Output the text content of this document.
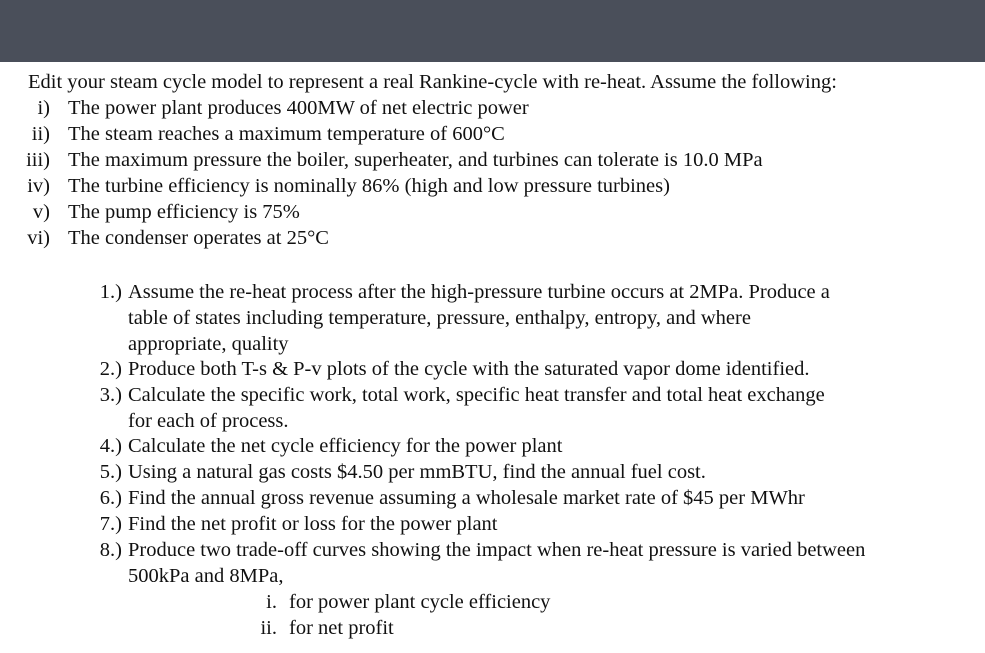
Edit your steam cycle model to represent a real Rankine-cycle with re-heat. Assume the following:
i) The power plant produces 400MW of net electric power
ii) The steam reaches a maximum temperature of 600°C
iii) The maximum pressure the boiler, superheater, and turbines can tolerate is 10.0 MPa
iv) The turbine efficiency is nominally 86% (high and low pressure turbines)
v) The pump efficiency is 75%
vi) The condenser operates at 25°C
1.) Assume the re-heat process after the high-pressure turbine occurs at 2MPa. Produce a
table of states including temperature, pressure, enthalpy, entropy, and where
appropriate, quality
2.) Produce both T-s & P-v plots of the cycle with the saturated vapor dome identified.
3.) Calculate the specific work, total work, specific heat transfer and total heat exchange
for each of process.
4.) Calculate the net cycle efficiency for the power plant
5.) Using a natural gas costs $4.50 per mmBTU, find the annual fuel cost.
6.) Find the annual gross revenue assuming a wholesale market rate of $45 per MWhr
7.) Find the net profit or loss for the power plant
8.) Produce two trade-off curves showing the impact when re-heat pressure is varied between
500kPa and 8MPa,
i. for power plant cycle efficiency
ii. for net profit
